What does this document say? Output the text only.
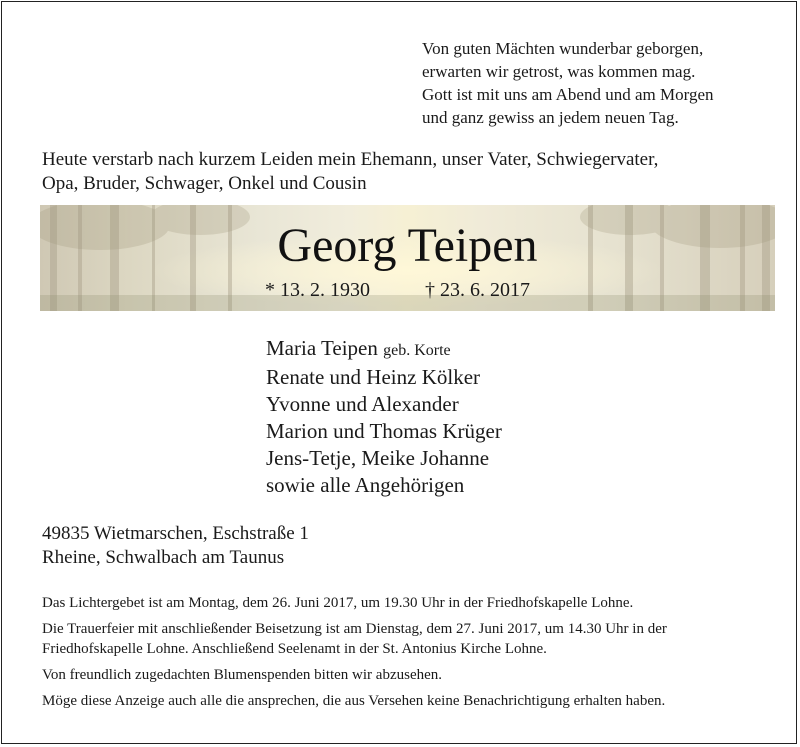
Von guten Mächten wunderbar geborgen,
erwarten wir getrost, was kommen mag.
Gott ist mit uns am Abend und am Morgen
und ganz gewiss an jedem neuen Tag.
Heute verstarb nach kurzem Leiden mein Ehemann, unser Vater, Schwiegervater,
Opa, Bruder, Schwager, Onkel und Cousin
Georg Teipen
* 13. 2. 1930	† 23. 6. 2017
Maria Teipen geb. Korte
Renate und Heinz Kölker
Yvonne und Alexander
Marion und Thomas Krüger
Jens-Tetje, Meike Johanne
sowie alle Angehörigen
49835 Wietmarschen, Eschstraße 1
Rheine, Schwalbach am Taunus

Das Lichtergebet ist am Montag, dem 26. Juni 2017, um 19.30 Uhr in der Friedhofskapelle Lohne.

Die Trauerfeier mit anschließender Beisetzung ist am Dienstag, dem 27. Juni 2017, um 14.30 Uhr in der
Friedhofskapelle Lohne. Anschließend Seelenamt in der St. Antonius Kirche Lohne.

Von freundlich zugedachten Blumenspenden bitten wir abzusehen.

Möge diese Anzeige auch alle die ansprechen, die aus Versehen keine Benachrichtigung erhalten haben.
